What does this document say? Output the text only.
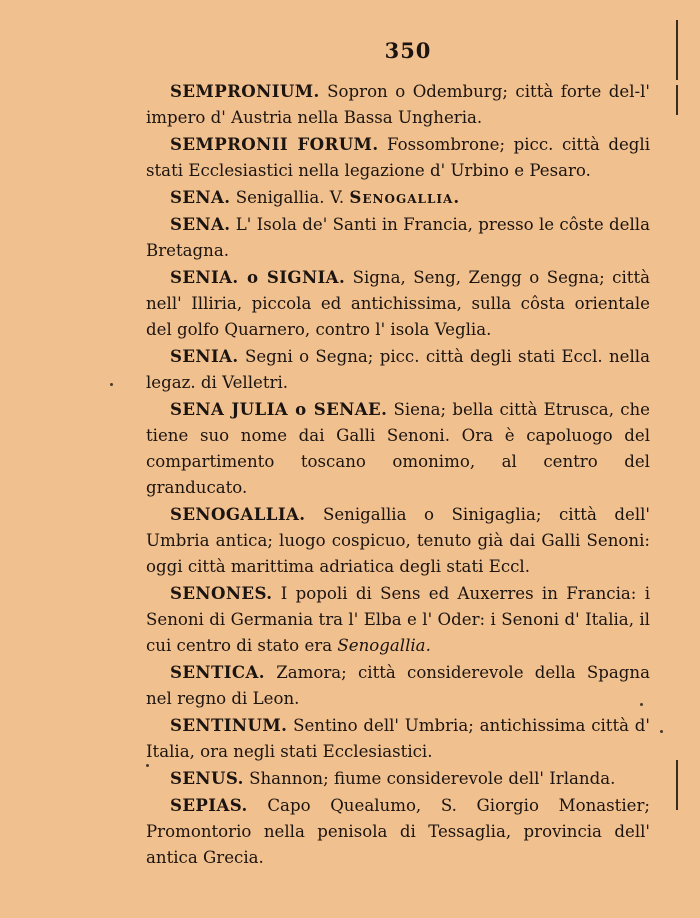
350

SEMPRONIUM. Sopron o Odemburg; città forte del-l' impero d' Austria nella Bassa Ungheria.

SEMPRONII FORUM. Fossombrone; picc. città degli stati Ecclesiastici nella legazione d' Urbino e Pesaro.

SENA. Senigallia. V. Senogallia.

SENA. L' Isola de' Santi in Francia, presso le côste della Bretagna.

SENIA. o SIGNIA. Signa, Seng, Zengg o Segna; città nell' Illiria, piccola ed antichissima, sulla côsta orientale del golfo Quarnero, contro l' isola Veglia.

SENIA. Segni o Segna; picc. città degli stati Eccl. nella legaz. di Velletri.

SENA JULIA o SENAE. Siena; bella città Etrusca, che tiene suo nome dai Galli Senoni. Ora è capoluogo del compartimento toscano omonimo, al centro del granducato.

SENOGALLIA. Senigallia o Sinigaglia; città dell' Umbria antica; luogo cospicuo, tenuto già dai Galli Senoni: oggi città marittima adriatica degli stati Eccl.

SENONES. I popoli di Sens ed Auxerres in Francia: i Senoni di Germania tra l' Elba e l' Oder: i Senoni d' Italia, il cui centro di stato era Senogallia.

SENTICA. Zamora; città considerevole della Spagna nel regno di Leon.

SENTINUM. Sentino dell' Umbria; antichissima città d' Italia, ora negli stati Ecclesiastici.

SENUS. Shannon; fiume considerevole dell' Irlanda.

SEPIAS. Capo Quealumo, S. Giorgio Monastier; Promontorio nella penisola di Tessaglia, provincia dell' antica Grecia.
